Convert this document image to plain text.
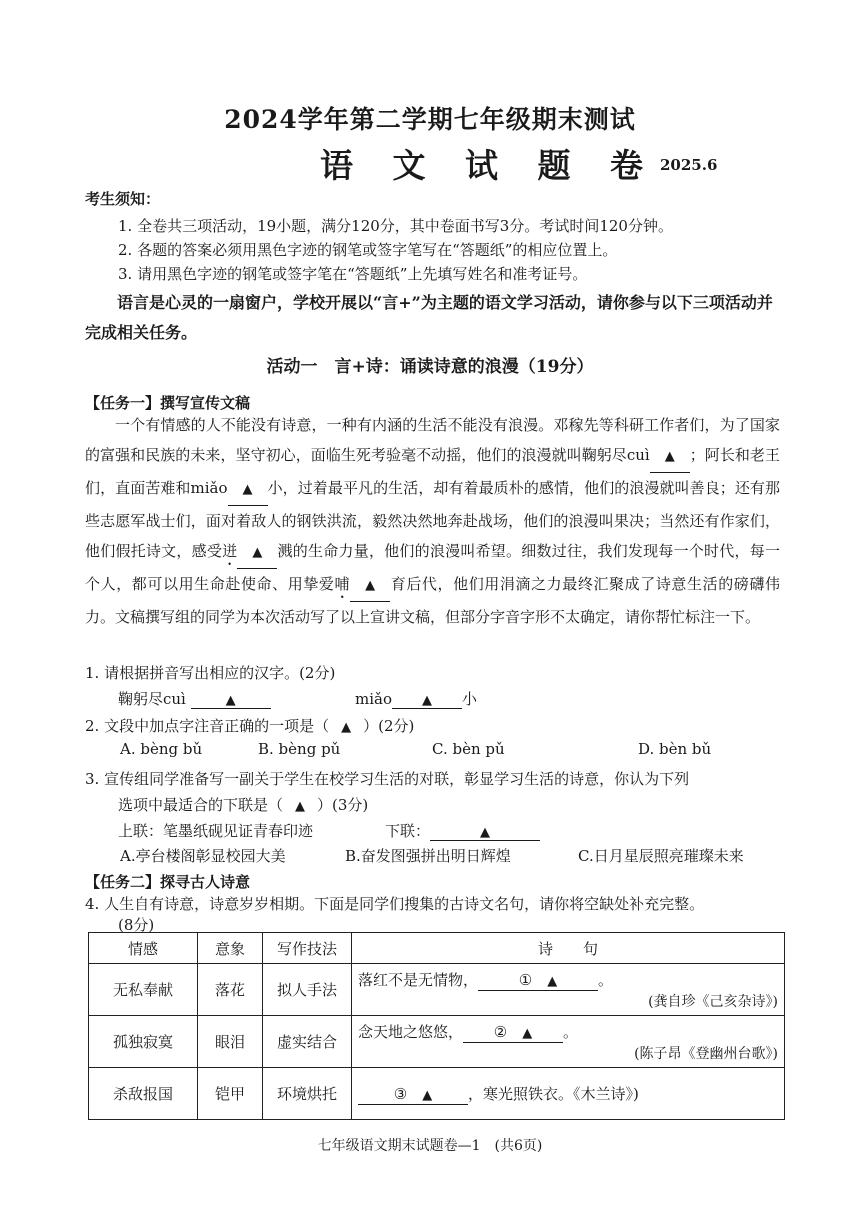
2024学年第二学期七年级期末测试
语 文 试 题 卷 2025.6
考生须知：
1. 全卷共三项活动，19小题，满分120分，其中卷面书写3分。考试时间120分钟。
2. 各题的答案必须用黑色字迹的钢笔或签字笔写在“答题纸”的相应位置上。
3. 请用黑色字迹的钢笔或签字笔在“答题纸”上先填写姓名和准考证号。
语言是心灵的一扇窗户，学校开展以“言+”为主题的语文学习活动，请你参与以下三项活动并完成相关任务。
活动一　言+诗：诵读诗意的浪漫（19分）
【任务一】撰写宣传文稿
一个有情感的人不能没有诗意，一种有内涵的生活不能没有浪漫。邓稼先等科研工作者们，为了国家的富强和民族的未来，坚守初心，面临生死考验毫不动摇，他们的浪漫就叫鞠躬尽cuì ▲ ；阿长和老王们，直面苦难和miǎo ▲ 小，过着最平凡的生活，却有着最质朴的感情，他们的浪漫就叫善良；还有那些志愿军战士们，面对着敌人的钢铁洪流，毅然决然地奔赴战场，他们的浪漫叫果决；当然还有作家们，他们假托诗文，感受迸 ▲ 溅的生命力量，他们的浪漫叫希望。细数过往，我们发现每一个时代，每一个人，都可以用生命赴使命、用挚爱哺 ▲ 育后代，他们用涓滴之力最终汇聚成了诗意生活的磅礴伟力。 文稿撰写组的同学为本次活动写了以上宣讲文稿，但部分字音字形不太确定，请你帮忙标注一下。
1. 请根据拼音写出相应的汉字。(2分)
鞠躬尽cuì	▲	miǎo ▲ 小
2. 文段中加点字注音正确的一项是（ ▲ ）(2分)
A. bèng bǔ	B. bèng pǔ	C. bèn pǔ	D. bèn bǔ
3. 宣传组同学准备写一副关于学生在校学习生活的对联，彰显学习生活的诗意，你认为下列
选项中最适合的下联是（ ▲ ）(3分)
上联：笔墨纸砚见证青春印迹	下联：	▲
A.亭台楼阁彰显校园大美	B.奋发图强拼出明日辉煌	C.日月星辰照亮璀璨未来
【任务二】探寻古人诗意
4. 人生自有诗意，诗意岁岁相期。下面是同学们搜集的古诗文名句，请你将空缺处补充完整。
(8分)
情感	意象	写作技法	诗　　句
无私奉献	落花	拟人手法	落红不是无情物， ①　 ▲ 。
(龚自珍《己亥杂诗》)

孤独寂寞	眼泪	虚实结合	念天地之悠悠， ②　 ▲ 。
(陈子昂《登幽州台歌》)

杀敌报国	铠甲	环境烘托	③　 ▲ ，寒光照铁衣。《木兰诗》)
七年级语文期末试题卷—1　(共6页)
